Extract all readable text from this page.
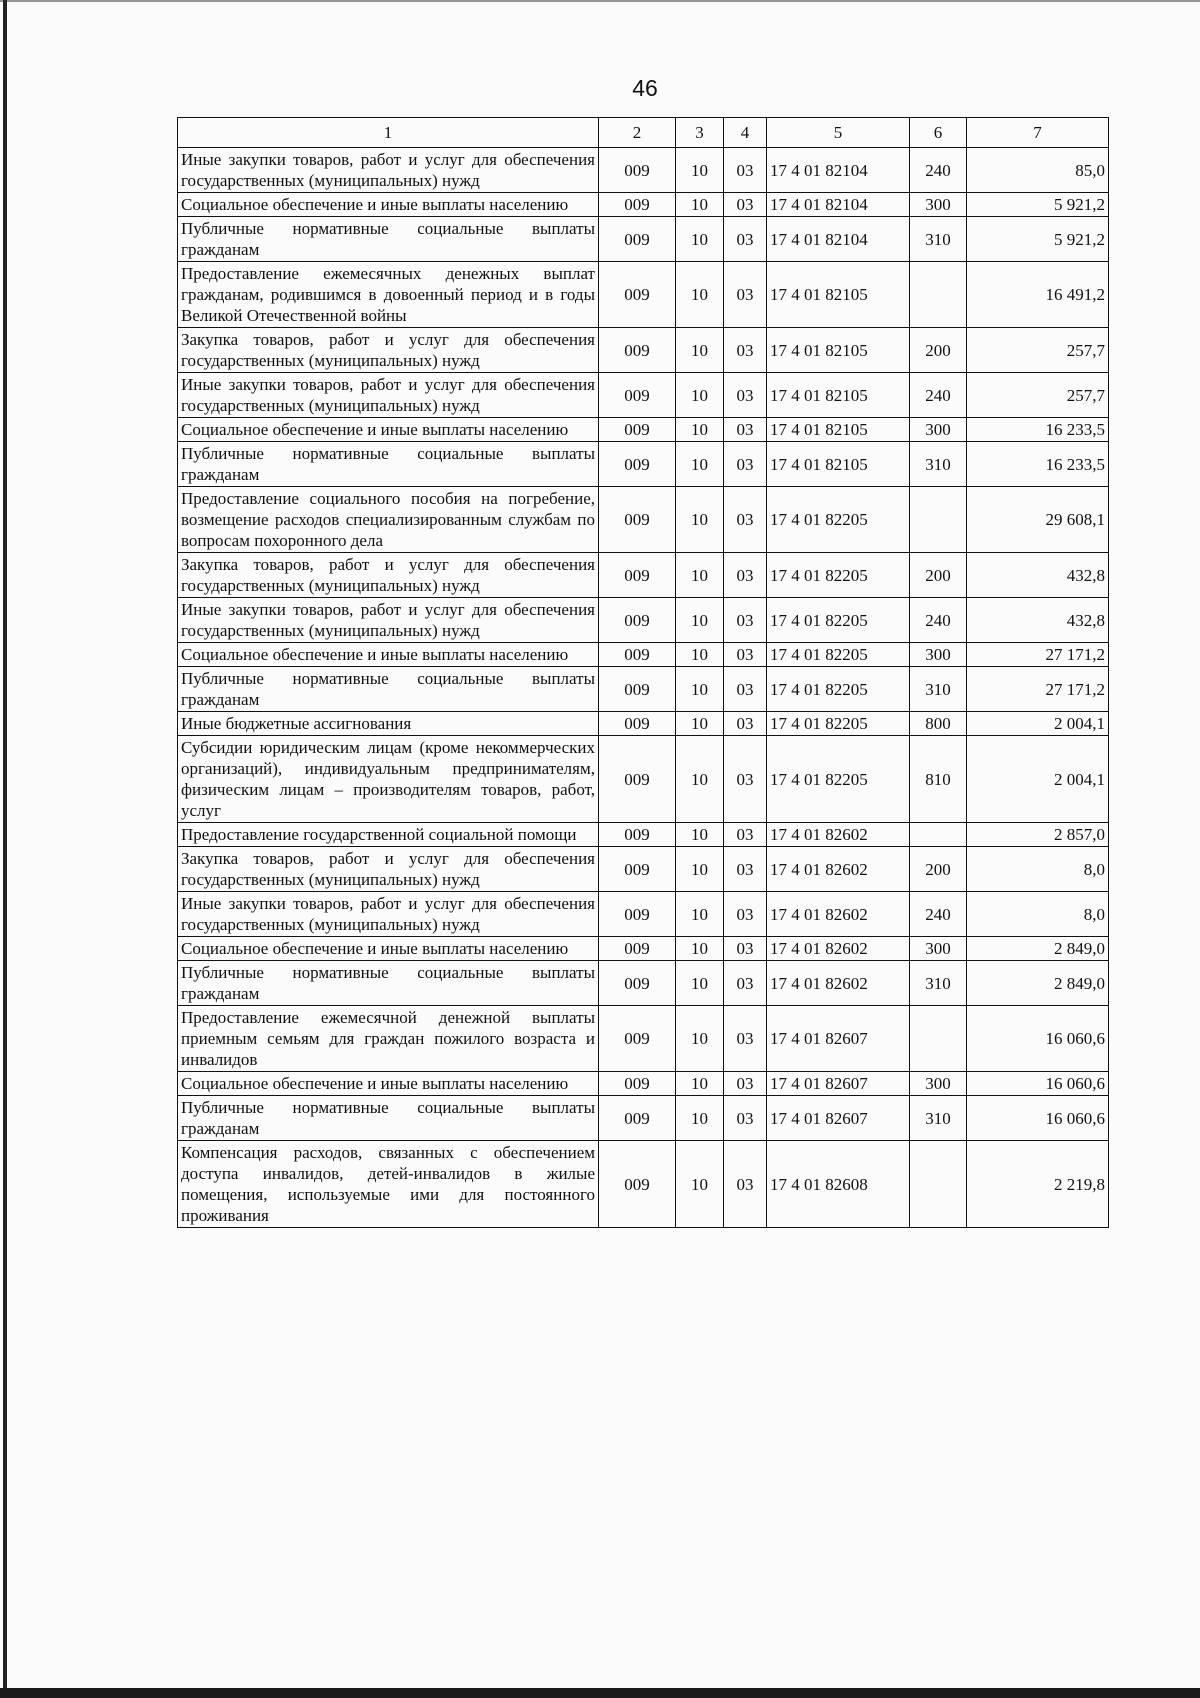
46
1	2	3	4	5	6	7
Иные закупки товаров, работ и услуг для обеспечения государственных (муниципальных) нужд	009	10	03	17 4 01 82104	240	85,0
Социальное обеспечение и иные выплаты населению	009	10	03	17 4 01 82104	300	5 921,2
Публичные нормативные социальные выплаты гражданам	009	10	03	17 4 01 82104	310	5 921,2
Предоставление ежемесячных денежных выплат гражданам, родившимся в довоенный период и в годы Великой Отечественной войны	009	10	03	17 4 01 82105		16 491,2
Закупка товаров, работ и услуг для обеспечения государственных (муниципальных) нужд	009	10	03	17 4 01 82105	200	257,7
Иные закупки товаров, работ и услуг для обеспечения государственных (муниципальных) нужд	009	10	03	17 4 01 82105	240	257,7
Социальное обеспечение и иные выплаты населению	009	10	03	17 4 01 82105	300	16 233,5
Публичные нормативные социальные выплаты гражданам	009	10	03	17 4 01 82105	310	16 233,5
Предоставление социального пособия на погребение, возмещение расходов специализированным службам по вопросам похоронного дела	009	10	03	17 4 01 82205		29 608,1
Закупка товаров, работ и услуг для обеспечения государственных (муниципальных) нужд	009	10	03	17 4 01 82205	200	432,8
Иные закупки товаров, работ и услуг для обеспечения государственных (муниципальных) нужд	009	10	03	17 4 01 82205	240	432,8
Социальное обеспечение и иные выплаты населению	009	10	03	17 4 01 82205	300	27 171,2
Публичные нормативные социальные выплаты гражданам	009	10	03	17 4 01 82205	310	27 171,2
Иные бюджетные ассигнования	009	10	03	17 4 01 82205	800	2 004,1
Субсидии юридическим лицам (кроме некоммерческих организаций), индивидуальным предпринимателям, физическим лицам – производителям товаров, работ, услуг	009	10	03	17 4 01 82205	810	2 004,1
Предоставление государственной социальной помощи	009	10	03	17 4 01 82602		2 857,0
Закупка товаров, работ и услуг для обеспечения государственных (муниципальных) нужд	009	10	03	17 4 01 82602	200	8,0
Иные закупки товаров, работ и услуг для обеспечения государственных (муниципальных) нужд	009	10	03	17 4 01 82602	240	8,0
Социальное обеспечение и иные выплаты населению	009	10	03	17 4 01 82602	300	2 849,0
Публичные нормативные социальные выплаты гражданам	009	10	03	17 4 01 82602	310	2 849,0
Предоставление ежемесячной денежной выплаты приемным семьям для граждан пожилого возраста и инвалидов	009	10	03	17 4 01 82607		16 060,6
Социальное обеспечение и иные выплаты населению	009	10	03	17 4 01 82607	300	16 060,6
Публичные нормативные социальные выплаты гражданам	009	10	03	17 4 01 82607	310	16 060,6
Компенсация расходов, связанных с обеспечением доступа инвалидов, детей-инвалидов в жилые помещения, используемые ими для постоянного проживания	009	10	03	17 4 01 82608		2 219,8
